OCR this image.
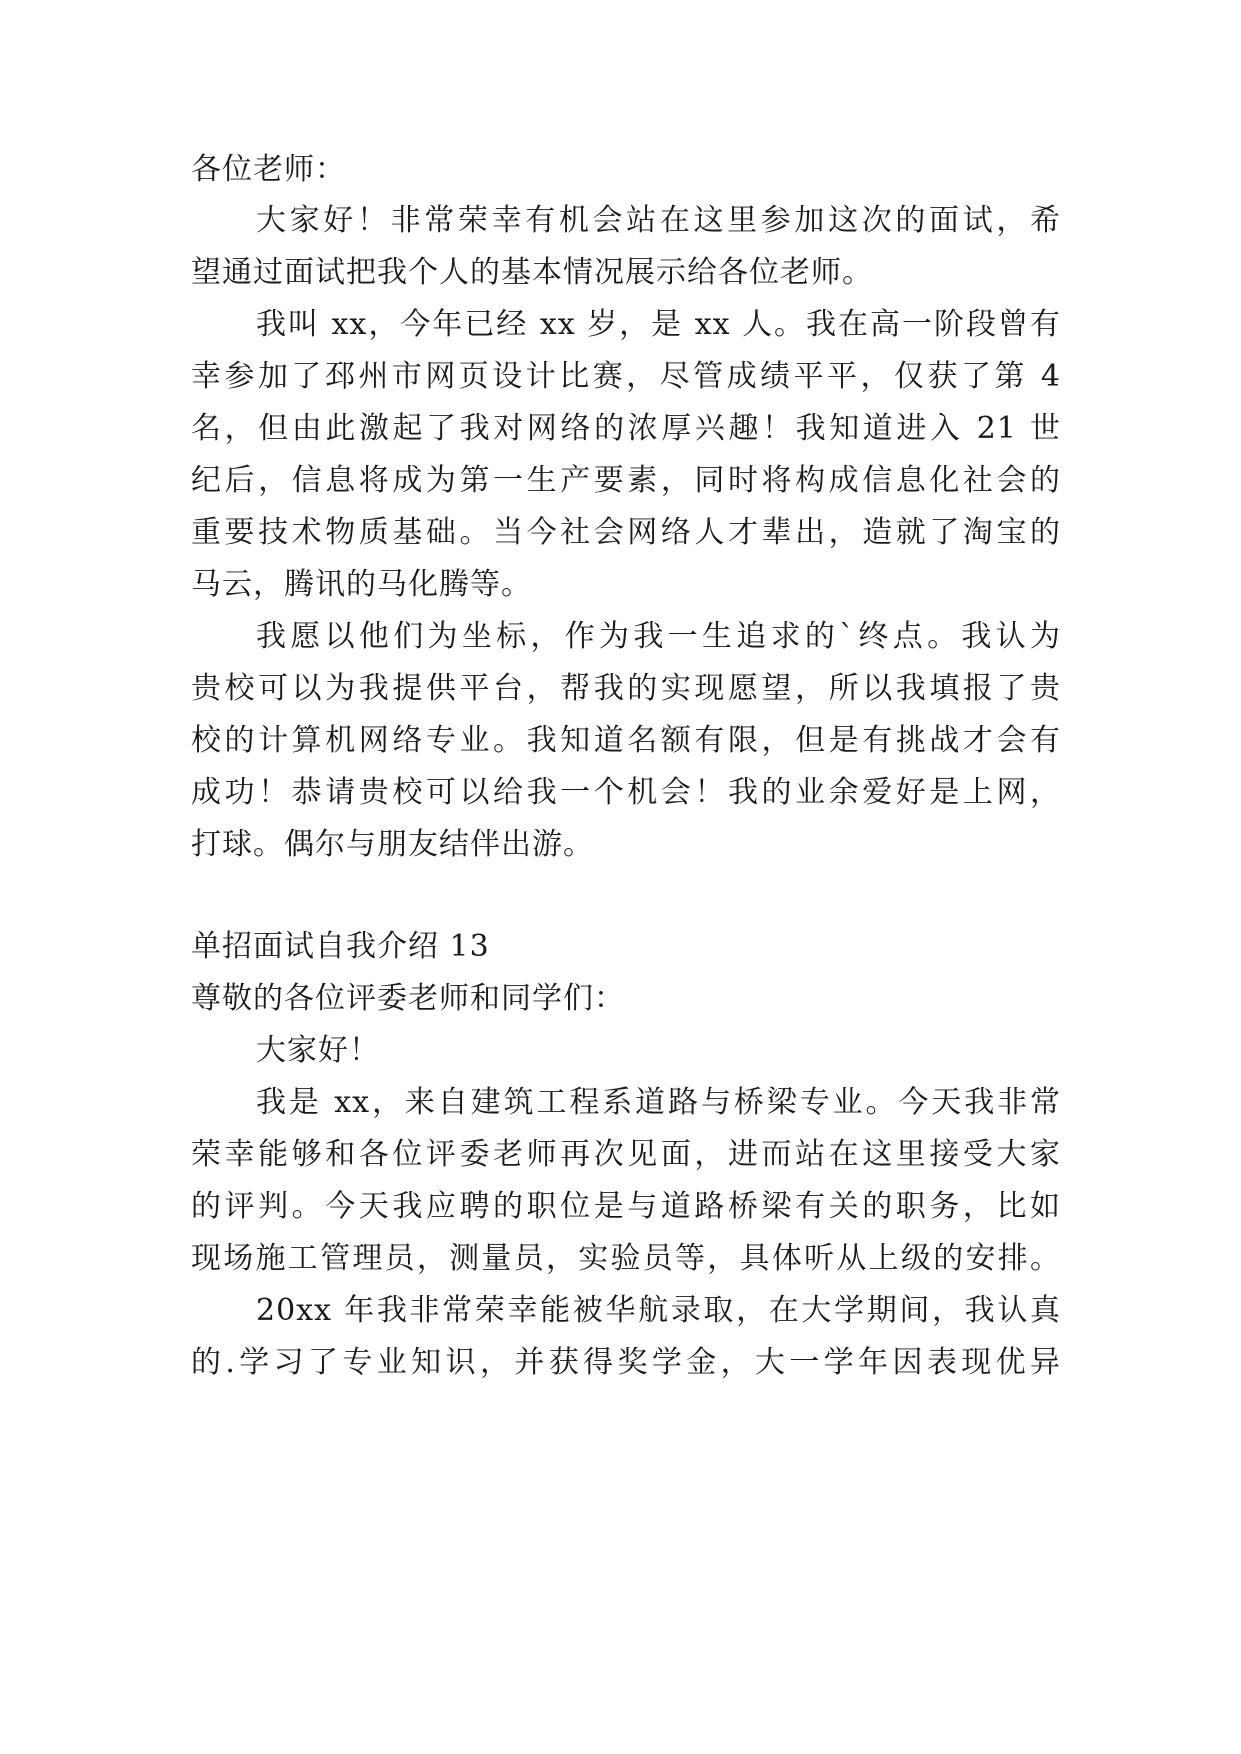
各位老师：
大家好！非常荣幸有机会站在这里参加这次的面试，希
望通过面试把我个人的基本情况展示给各位老师。
我叫 xx，今年已经 xx 岁，是 xx 人。我在高一阶段曾有
幸参加了邳州市网页设计比赛，尽管成绩平平，仅获了第 4
名，但由此激起了我对网络的浓厚兴趣！我知道进入 21 世
纪后，信息将成为第一生产要素，同时将构成信息化社会的
重要技术物质基础。当今社会网络人才辈出，造就了淘宝的
马云，腾讯的马化腾等。
我愿以他们为坐标，作为我一生追求的`终点。我认为
贵校可以为我提供平台，帮我的实现愿望，所以我填报了贵
校的计算机网络专业。我知道名额有限，但是有挑战才会有
成功！恭请贵校可以给我一个机会！我的业余爱好是上网，
打球。偶尔与朋友结伴出游。
单招面试自我介绍 13
尊敬的各位评委老师和同学们：
大家好！
我是 xx，来自建筑工程系道路与桥梁专业。今天我非常
荣幸能够和各位评委老师再次见面，进而站在这里接受大家
的评判。今天我应聘的职位是与道路桥梁有关的职务，比如
现场施工管理员，测量员，实验员等，具体听从上级的安排。
20xx 年我非常荣幸能被华航录取，在大学期间，我认真
的.学习了专业知识，并获得奖学金，大一学年因表现优异
